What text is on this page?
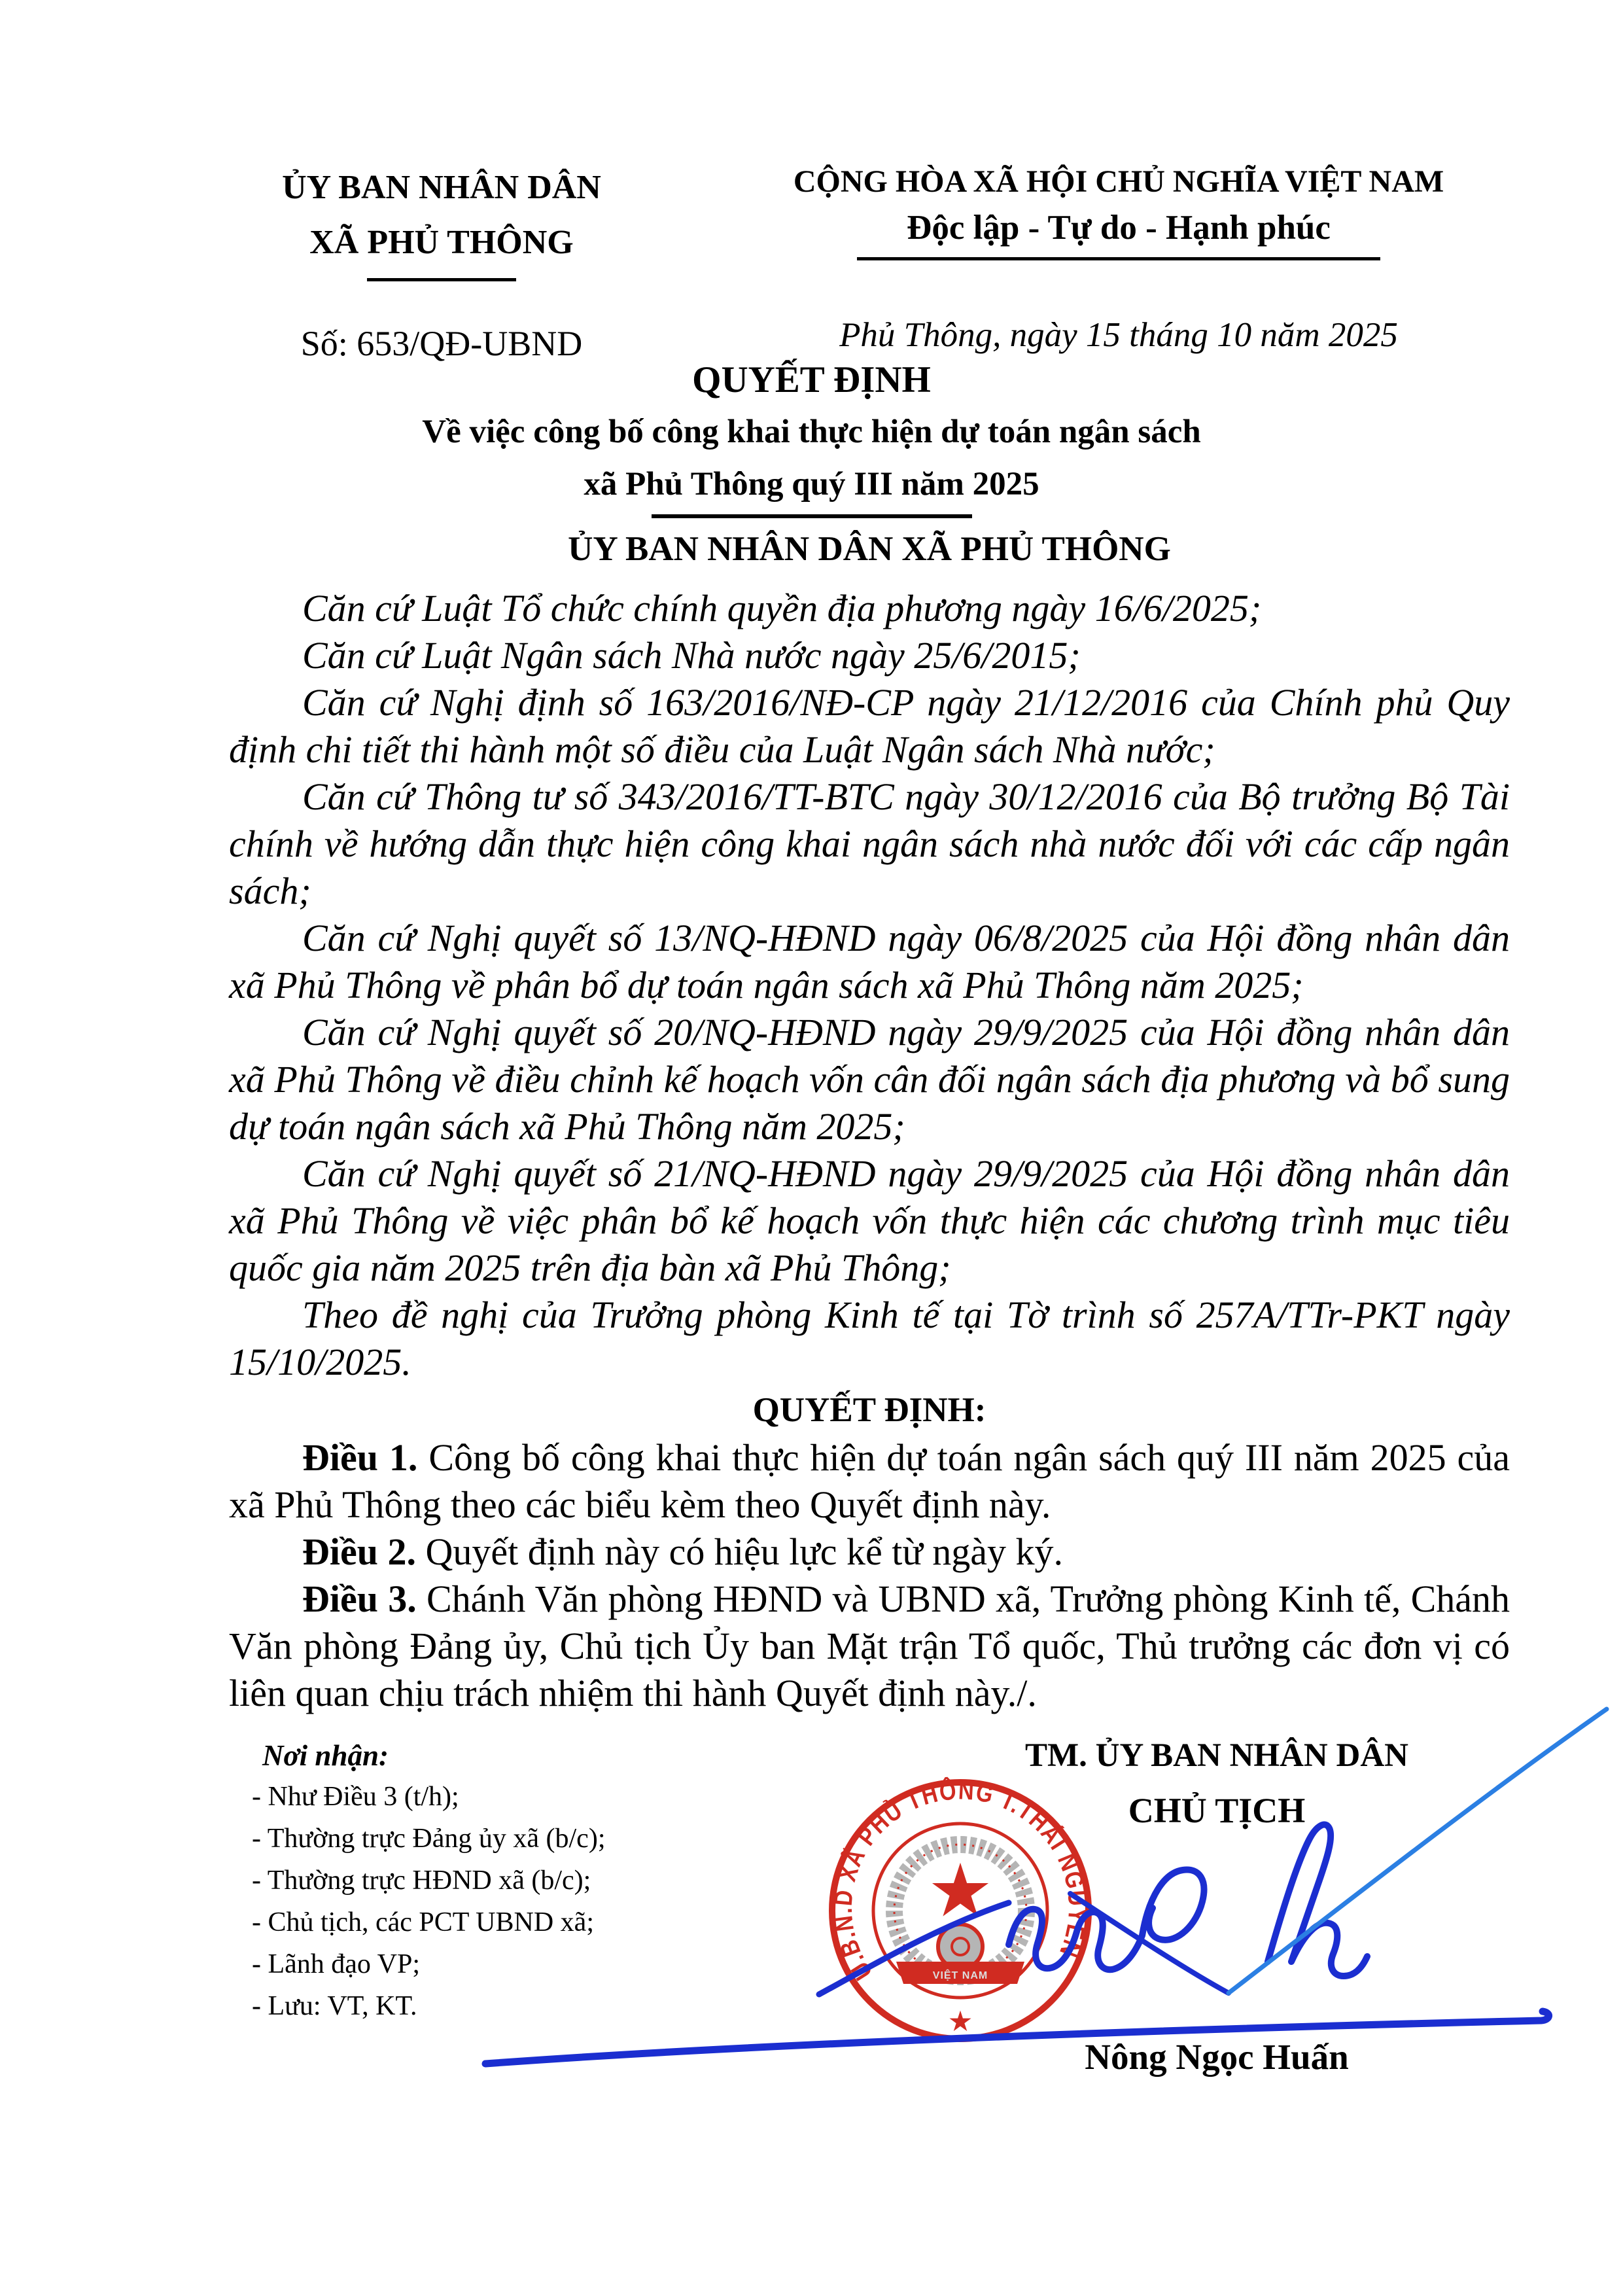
ỦY BAN NHÂN DÂN
XÃ PHỦ THÔNG
Số: 653/QĐ-UBND
CỘNG HÒA XÃ HỘI CHỦ NGHĨA VIỆT NAM
Độc lập - Tự do - Hạnh phúc
Phủ Thông, ngày 15 tháng 10 năm 2025
QUYẾT ĐỊNH
Về việc công bố công khai thực hiện dự toán ngân sách
xã Phủ Thông quý III năm 2025
ỦY BAN NHÂN DÂN XÃ PHỦ THÔNG

Căn cứ Luật Tổ chức chính quyền địa phương ngày 16/6/2025;

Căn cứ Luật Ngân sách Nhà nước ngày 25/6/2015;

Căn cứ Nghị định số 163/2016/NĐ-CP ngày 21/12/2016 của Chính phủ Quy định chi tiết thi hành một số điều của Luật Ngân sách Nhà nước;

Căn cứ Thông tư số 343/2016/TT-BTC ngày 30/12/2016 của Bộ trưởng Bộ Tài chính về hướng dẫn thực hiện công khai ngân sách nhà nước đối với các cấp ngân sách;

Căn cứ Nghị quyết số 13/NQ-HĐND ngày 06/8/2025 của Hội đồng nhân dân xã Phủ Thông về phân bổ dự toán ngân sách xã Phủ Thông năm 2025;

Căn cứ Nghị quyết số 20/NQ-HĐND ngày 29/9/2025 của Hội đồng nhân dân xã Phủ Thông về điều chỉnh kế hoạch vốn cân đối ngân sách địa phương và bổ sung dự toán ngân sách xã Phủ Thông năm 2025;

Căn cứ Nghị quyết số 21/NQ-HĐND ngày 29/9/2025 của Hội đồng nhân dân xã Phủ Thông về việc phân bổ kế hoạch vốn thực hiện các chương trình mục tiêu quốc gia năm 2025 trên địa bàn xã Phủ Thông;

Theo đề nghị của Trưởng phòng Kinh tế tại Tờ trình số 257A/TTr-PKT ngày 15/10/2025.

QUYẾT ĐỊNH:

Điều 1. Công bố công khai thực hiện dự toán ngân sách quý III năm 2025 của xã Phủ Thông theo các biểu kèm theo Quyết định này.

Điều 2. Quyết định này có hiệu lực kể từ ngày ký.

Điều 3. Chánh Văn phòng HĐND và UBND xã, Trưởng phòng Kinh tế, Chánh Văn phòng Đảng ủy, Chủ tịch Ủy ban Mặt trận Tổ quốc, Thủ trưởng các đơn vị có liên quan chịu trách nhiệm thi hành Quyết định này./.

Nơi nhận:
- Như Điều 3 (t/h);
- Thường trực Đảng ủy xã (b/c);
- Thường trực HĐND xã (b/c);
- Chủ tịch, các PCT UBND xã;
- Lãnh đạo VP;
- Lưu: VT, KT.
TM. ỦY BAN NHÂN DÂN
CHỦ TỊCH
Nông Ngọc Huấn
U.B.N.D XÃ PHỦ THÔNG T.THÁI NGUYÊN
VIỆT NAM
